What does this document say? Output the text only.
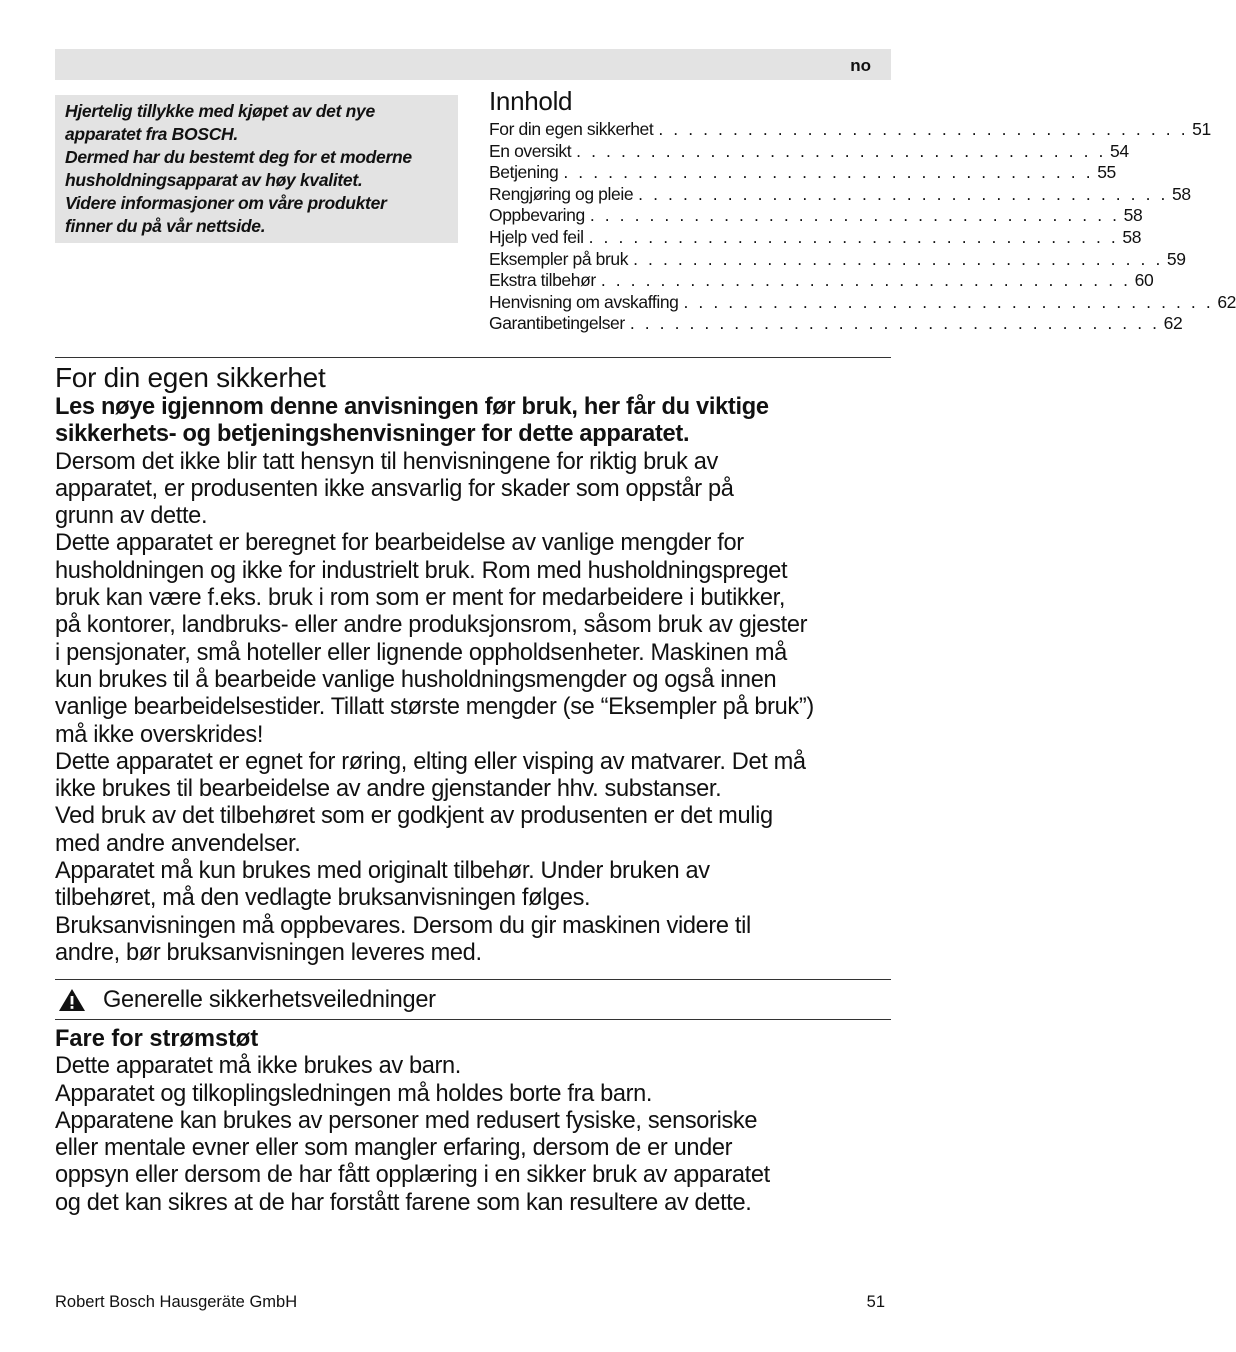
no
Hjertelig tillykke med kjøpet av det nye
apparatet fra BOSCH.
Dermed har du bestemt deg for et moderne
husholdningsapparat av høy kvalitet.
Videre informasjoner om våre produkter
finner du på vår nettside.
Innhold
For din egen sikkerhet . . . . . . . . . . . . . . . . . . . . . . . . . . . . . . . . . . . . 51
En oversikt . . . . . . . . . . . . . . . . . . . . . . . . . . . . . . . . . . . . 54
Betjening . . . . . . . . . . . . . . . . . . . . . . . . . . . . . . . . . . . . 55
Rengjøring og pleie . . . . . . . . . . . . . . . . . . . . . . . . . . . . . . . . . . . . 58
Oppbevaring . . . . . . . . . . . . . . . . . . . . . . . . . . . . . . . . . . . . 58
Hjelp ved feil . . . . . . . . . . . . . . . . . . . . . . . . . . . . . . . . . . . . 58
Eksempler på bruk . . . . . . . . . . . . . . . . . . . . . . . . . . . . . . . . . . . . 59
Ekstra tilbehør . . . . . . . . . . . . . . . . . . . . . . . . . . . . . . . . . . . . 60
Henvisning om avskaffing . . . . . . . . . . . . . . . . . . . . . . . . . . . . . . . . . . . . 62
Garantibetingelser . . . . . . . . . . . . . . . . . . . . . . . . . . . . . . . . . . . . 62
For din egen sikkerhet
Les nøye igjennom denne anvisningen før bruk, her får du viktige
sikkerhets- og betjeningshenvisninger for dette apparatet.
Dersom det ikke blir tatt hensyn til henvisningene for riktig bruk av
apparatet, er produsenten ikke ansvarlig for skader som oppstår på
grunn av dette.
Dette apparatet er beregnet for bearbeidelse av vanlige mengder for
husholdningen og ikke for industrielt bruk. Rom med husholdningspreget
bruk kan være f.eks. bruk i rom som er ment for medarbeidere i butikker,
på kontorer, landbruks- eller andre produksjonsrom, såsom bruk av gjester
i pensjonater, små hoteller eller lignende oppholdsenheter. Maskinen må
kun brukes til å bearbeide vanlige husholdningsmengder og også innen
vanlige bearbeidelsestider. Tillatt største mengder (se “Eksempler på bruk”)
må ikke overskrides!
Dette apparatet er egnet for røring, elting eller visping av matvarer. Det må
ikke brukes til bearbeidelse av andre gjenstander hhv. substanser.
Ved bruk av det tilbehøret som er godkjent av produsenten er det mulig
med andre anvendelser.
Apparatet må kun brukes med originalt tilbehør. Under bruken av
tilbehøret, må den vedlagte bruksanvisningen følges.
Bruksanvisningen må oppbevares. Dersom du gir maskinen videre til
andre, bør bruksanvisningen leveres med.
Generelle sikkerhetsveiledninger
Fare for strømstøt
Dette apparatet må ikke brukes av barn.
Apparatet og tilkoplingsledningen må holdes borte fra barn.
Apparatene kan brukes av personer med redusert fysiske, sensoriske
eller mentale evner eller som mangler erfaring, dersom de er under
oppsyn eller dersom de har fått opplæring i en sikker bruk av apparatet
og det kan sikres at de har forstått farene som kan resultere av dette.
Robert Bosch Hausgeräte GmbH	51
